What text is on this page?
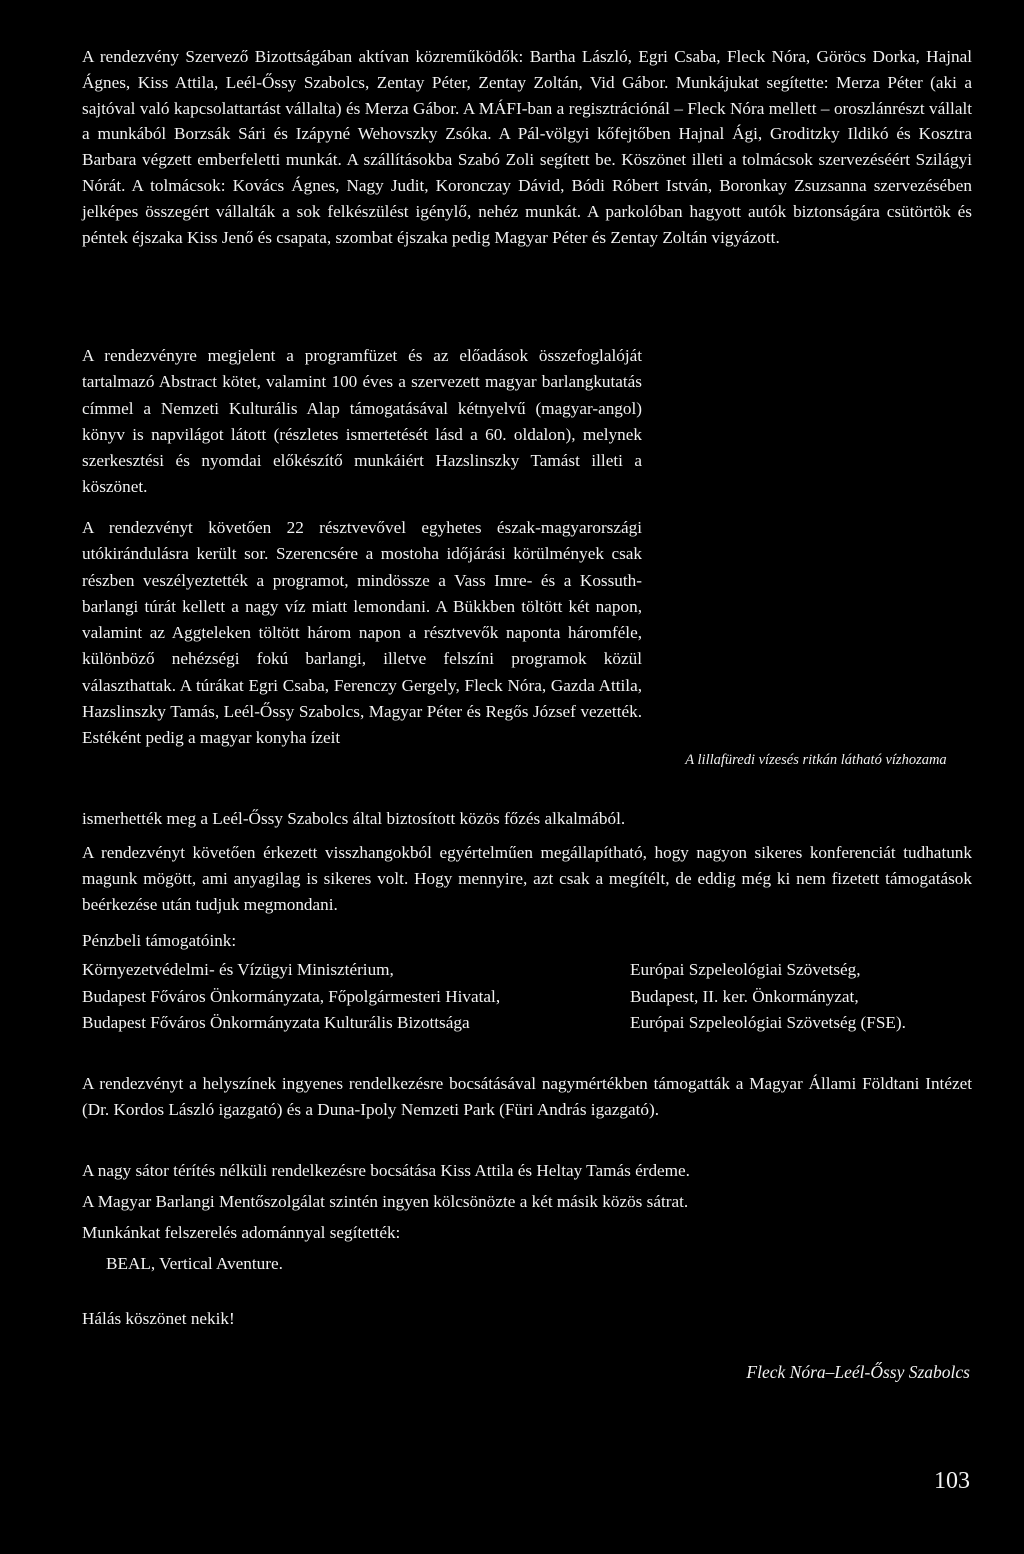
A rendezvény Szervező Bizottságában aktívan közreműködők: Bartha László, Egri Csaba, Fleck Nóra, Göröcs Dorka, Hajnal Ágnes, Kiss Attila, Leél-Őssy Szabolcs, Zentay Péter, Zentay Zoltán, Vid Gábor. Munkájukat segítette: Merza Péter (aki a sajtóval való kapcsolattartást vállalta) és Merza Gábor. A MÁFI-ban a regisztrációnál – Fleck Nóra mellett – oroszlánrészt vállalt a munkából Borzsák Sári és Izápyné Wehovszky Zsóka. A Pál-völgyi kőfejtőben Hajnal Ági, Groditzky Ildikó és Kosztra Barbara végzett emberfeletti munkát. A szállításokba Szabó Zoli segített be. Köszönet illeti a tolmácsok szervezéséért Szilágyi Nórát. A tolmácsok: Kovács Ágnes, Nagy Judit, Koronczay Dávid, Bódi Róbert István, Boronkay Zsuzsanna szervezésében jelképes összegért vállalták a sok felkészülést igénylő, nehéz munkát. A parkolóban hagyott autók biztonságára csütörtök és péntek éjszaka Kiss Jenő és csapata, szombat éjszaka pedig Magyar Péter és Zentay Zoltán vigyázott.

A rendezvényre megjelent a programfüzet és az előadások összefoglalóját tartalmazó Abstract kötet, valamint 100 éves a szervezett magyar barlangkutatás címmel a Nemzeti Kulturális Alap támogatásával kétnyelvű (magyar-angol) könyv is napvilágot látott (részletes ismertetését lásd a 60. oldalon), melynek szerkesztési és nyomdai előkészítő munkáiért Hazslinszky Tamást illeti a köszönet.

A rendezvényt követően 22 résztvevővel egyhetes észak-magyarországi utókirándulásra került sor. Szerencsére a mostoha időjárási körülmények csak részben veszélyeztették a programot, mindössze a Vass Imre- és a Kossuth-barlangi túrát kellett a nagy víz miatt lemondani. A Bükkben töltött két napon, valamint az Aggteleken töltött három napon a résztvevők naponta háromféle, különböző nehézségi fokú barlangi, illetve felszíni programok közül választhattak. A túrákat Egri Csaba, Ferenczy Gergely, Fleck Nóra, Gazda Attila, Hazslinszky Tamás, Leél-Őssy Szabolcs, Magyar Péter és Regős József vezették. Estéként pedig a magyar konyha ízeit

A lillafüredi vízesés ritkán látható vízhozama

ismerhették meg a Leél-Őssy Szabolcs által biztosított közös főzés alkalmából.

A rendezvényt követően érkezett visszhangokból egyértelműen megállapítható, hogy nagyon sikeres konferenciát tudhatunk magunk mögött, ami anyagilag is sikeres volt. Hogy mennyire, azt csak a megítélt, de eddig még ki nem fizetett támogatások beérkezése után tudjuk megmondani.

Pénzbeli támogatóink:
Környezetvédelmi- és Vízügyi Minisztérium,	Európai Szpeleológiai Szövetség,
Budapest Főváros Önkormányzata, Főpolgármesteri Hivatal,	Budapest, II. ker. Önkormányzat,
Budapest Főváros Önkormányzata Kulturális Bizottsága	Európai Szpeleológiai Szövetség (FSE).

A rendezvényt a helyszínek ingyenes rendelkezésre bocsátásával nagymértékben támogatták a Magyar Állami Földtani Intézet (Dr. Kordos László igazgató) és a Duna-Ipoly Nemzeti Park (Füri András igazgató).

A nagy sátor térítés nélküli rendelkezésre bocsátása Kiss Attila és Heltay Tamás érdeme.
A Magyar Barlangi Mentőszolgálat szintén ingyen kölcsönözte a két másik közös sátrat.
Munkánkat felszerelés adománnyal segítették:
BEAL, Vertical Aventure.
Hálás köszönet nekik!
Fleck Nóra–Leél-Őssy Szabolcs
103
